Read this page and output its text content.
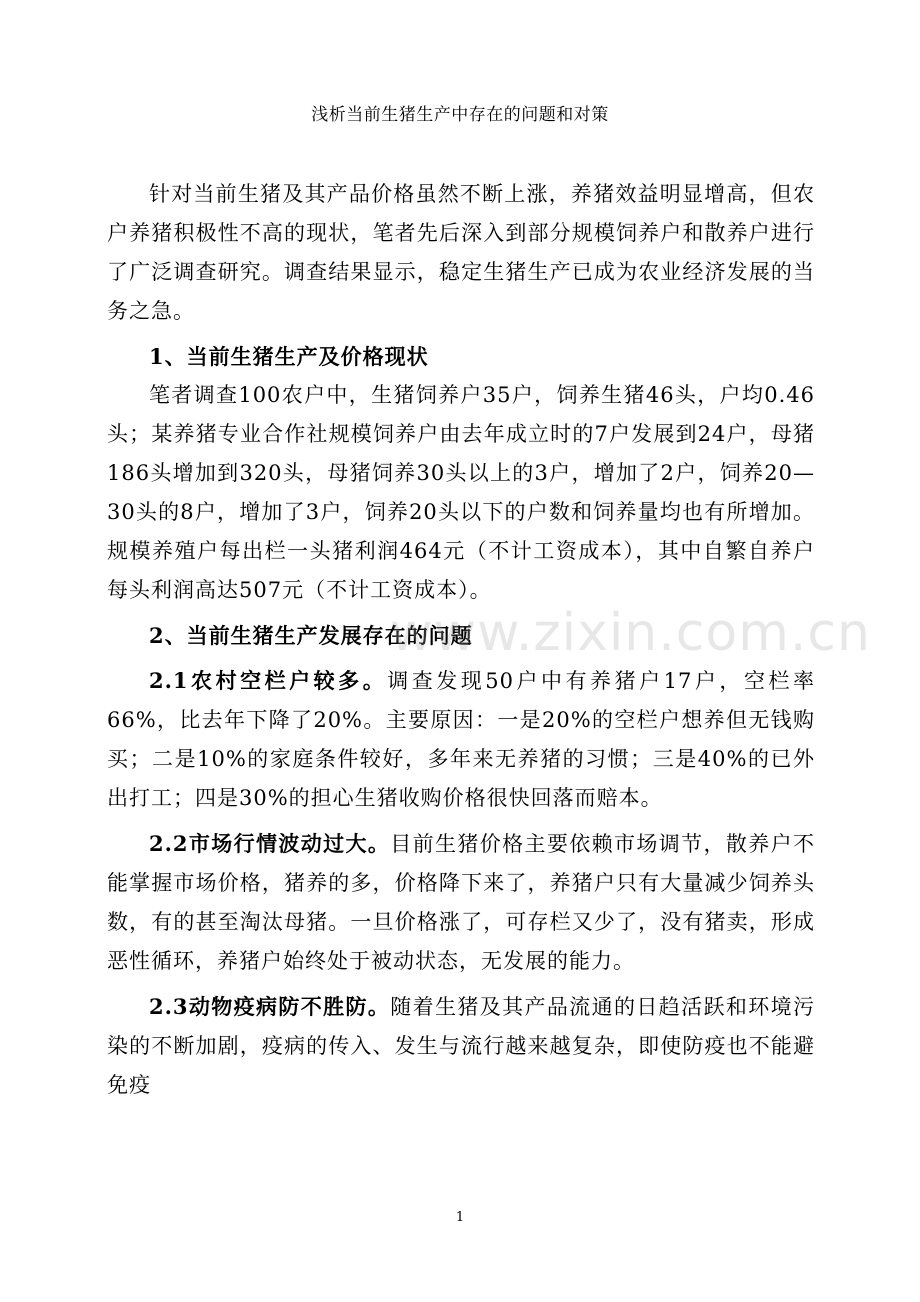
浅析当前生猪生产中存在的问题和对策

针对当前生猪及其产品价格虽然不断上涨，养猪效益明显增高，但农户养猪积极性不高的现状，笔者先后深入到部分规模饲养户和散养户进行了广泛调查研究。调查结果显示，稳定生猪生产已成为农业经济发展的当务之急。

1、当前生猪生产及价格现状

笔者调查100农户中，生猪饲养户35户，饲养生猪46头，户均0.46头；某养猪专业合作社规模饲养户由去年成立时的7户发展到24户，母猪186头增加到320头，母猪饲养30头以上的3户，增加了2户，饲养20—30头的8户，增加了3户，饲养20头以下的户数和饲养量均也有所增加。规模养殖户每出栏一头猪利润464元（不计工资成本），其中自繁自养户每头利润高达507元（不计工资成本）。

2、当前生猪生产发展存在的问题

2.1农村空栏户较多。调查发现50户中有养猪户17户，空栏率66%，比去年下降了20%。主要原因：一是20%的空栏户想养但无钱购买；二是10%的家庭条件较好，多年来无养猪的习惯；三是40%的已外出打工；四是30%的担心生猪收购价格很快回落而赔本。

2.2市场行情波动过大。目前生猪价格主要依赖市场调节，散养户不能掌握市场价格，猪养的多，价格降下来了，养猪户只有大量减少饲养头数，有的甚至淘汰母猪。一旦价格涨了，可存栏又少了，没有猪卖，形成恶性循环，养猪户始终处于被动状态，无发展的能力。

2.3动物疫病防不胜防。随着生猪及其产品流通的日趋活跃和环境污染的不断加剧，疫病的传入、发生与流行越来越复杂，即使防疫也不能避免疫

www.zixin.com.cn
1
